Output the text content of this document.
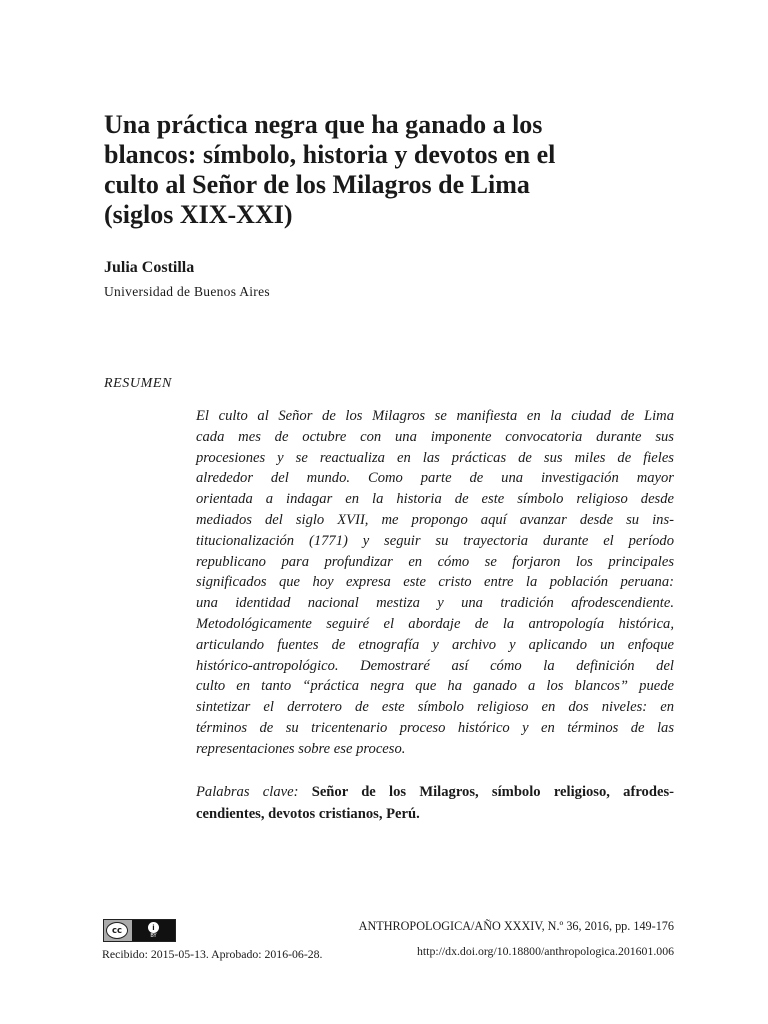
Una práctica negra que ha ganado a los
blancos: símbolo, historia y devotos en el
culto al Señor de los Milagros de Lima
(siglos XIX-XXI)

Julia Costilla

Universidad de Buenos Aires

RESUMEN

El culto al Señor de los Milagros se manifiesta en la ciudad de Lima
cada mes de octubre con una imponente convocatoria durante sus
procesiones y se reactualiza en las prácticas de sus miles de fieles
alrededor del mundo. Como parte de una investigación mayor
orientada a indagar en la historia de este símbolo religioso desde
mediados del siglo XVII, me propongo aquí avanzar desde su ins-
titucionalización (1771) y seguir su trayectoria durante el período
republicano para profundizar en cómo se forjaron los principales
significados que hoy expresa este cristo entre la población peruana:
una identidad nacional mestiza y una tradición afrodescendiente.
Metodológicamente seguiré el abordaje de la antropología histórica,
articulando fuentes de etnografía y archivo y aplicando un enfoque
histórico-antropológico. Demostraré así cómo la definición del
culto en tanto “práctica negra que ha ganado a los blancos” puede
sintetizar el derrotero de este símbolo religioso en dos niveles: en
términos de su tricentenario proceso histórico y en términos de las
representaciones sobre ese proceso.
Palabras clave: Señor de los Milagros, símbolo religioso, afrodes-
cendientes, devotos cristianos, Perú.
cc	i
BY

Recibido: 2015-05-13. Aprobado: 2016-06-28.

ANTHROPOLOGICA/AÑO XXXIV, N.º 36, 2016, pp. 149-176

http://dx.doi.org/10.18800/anthropologica.201601.006
